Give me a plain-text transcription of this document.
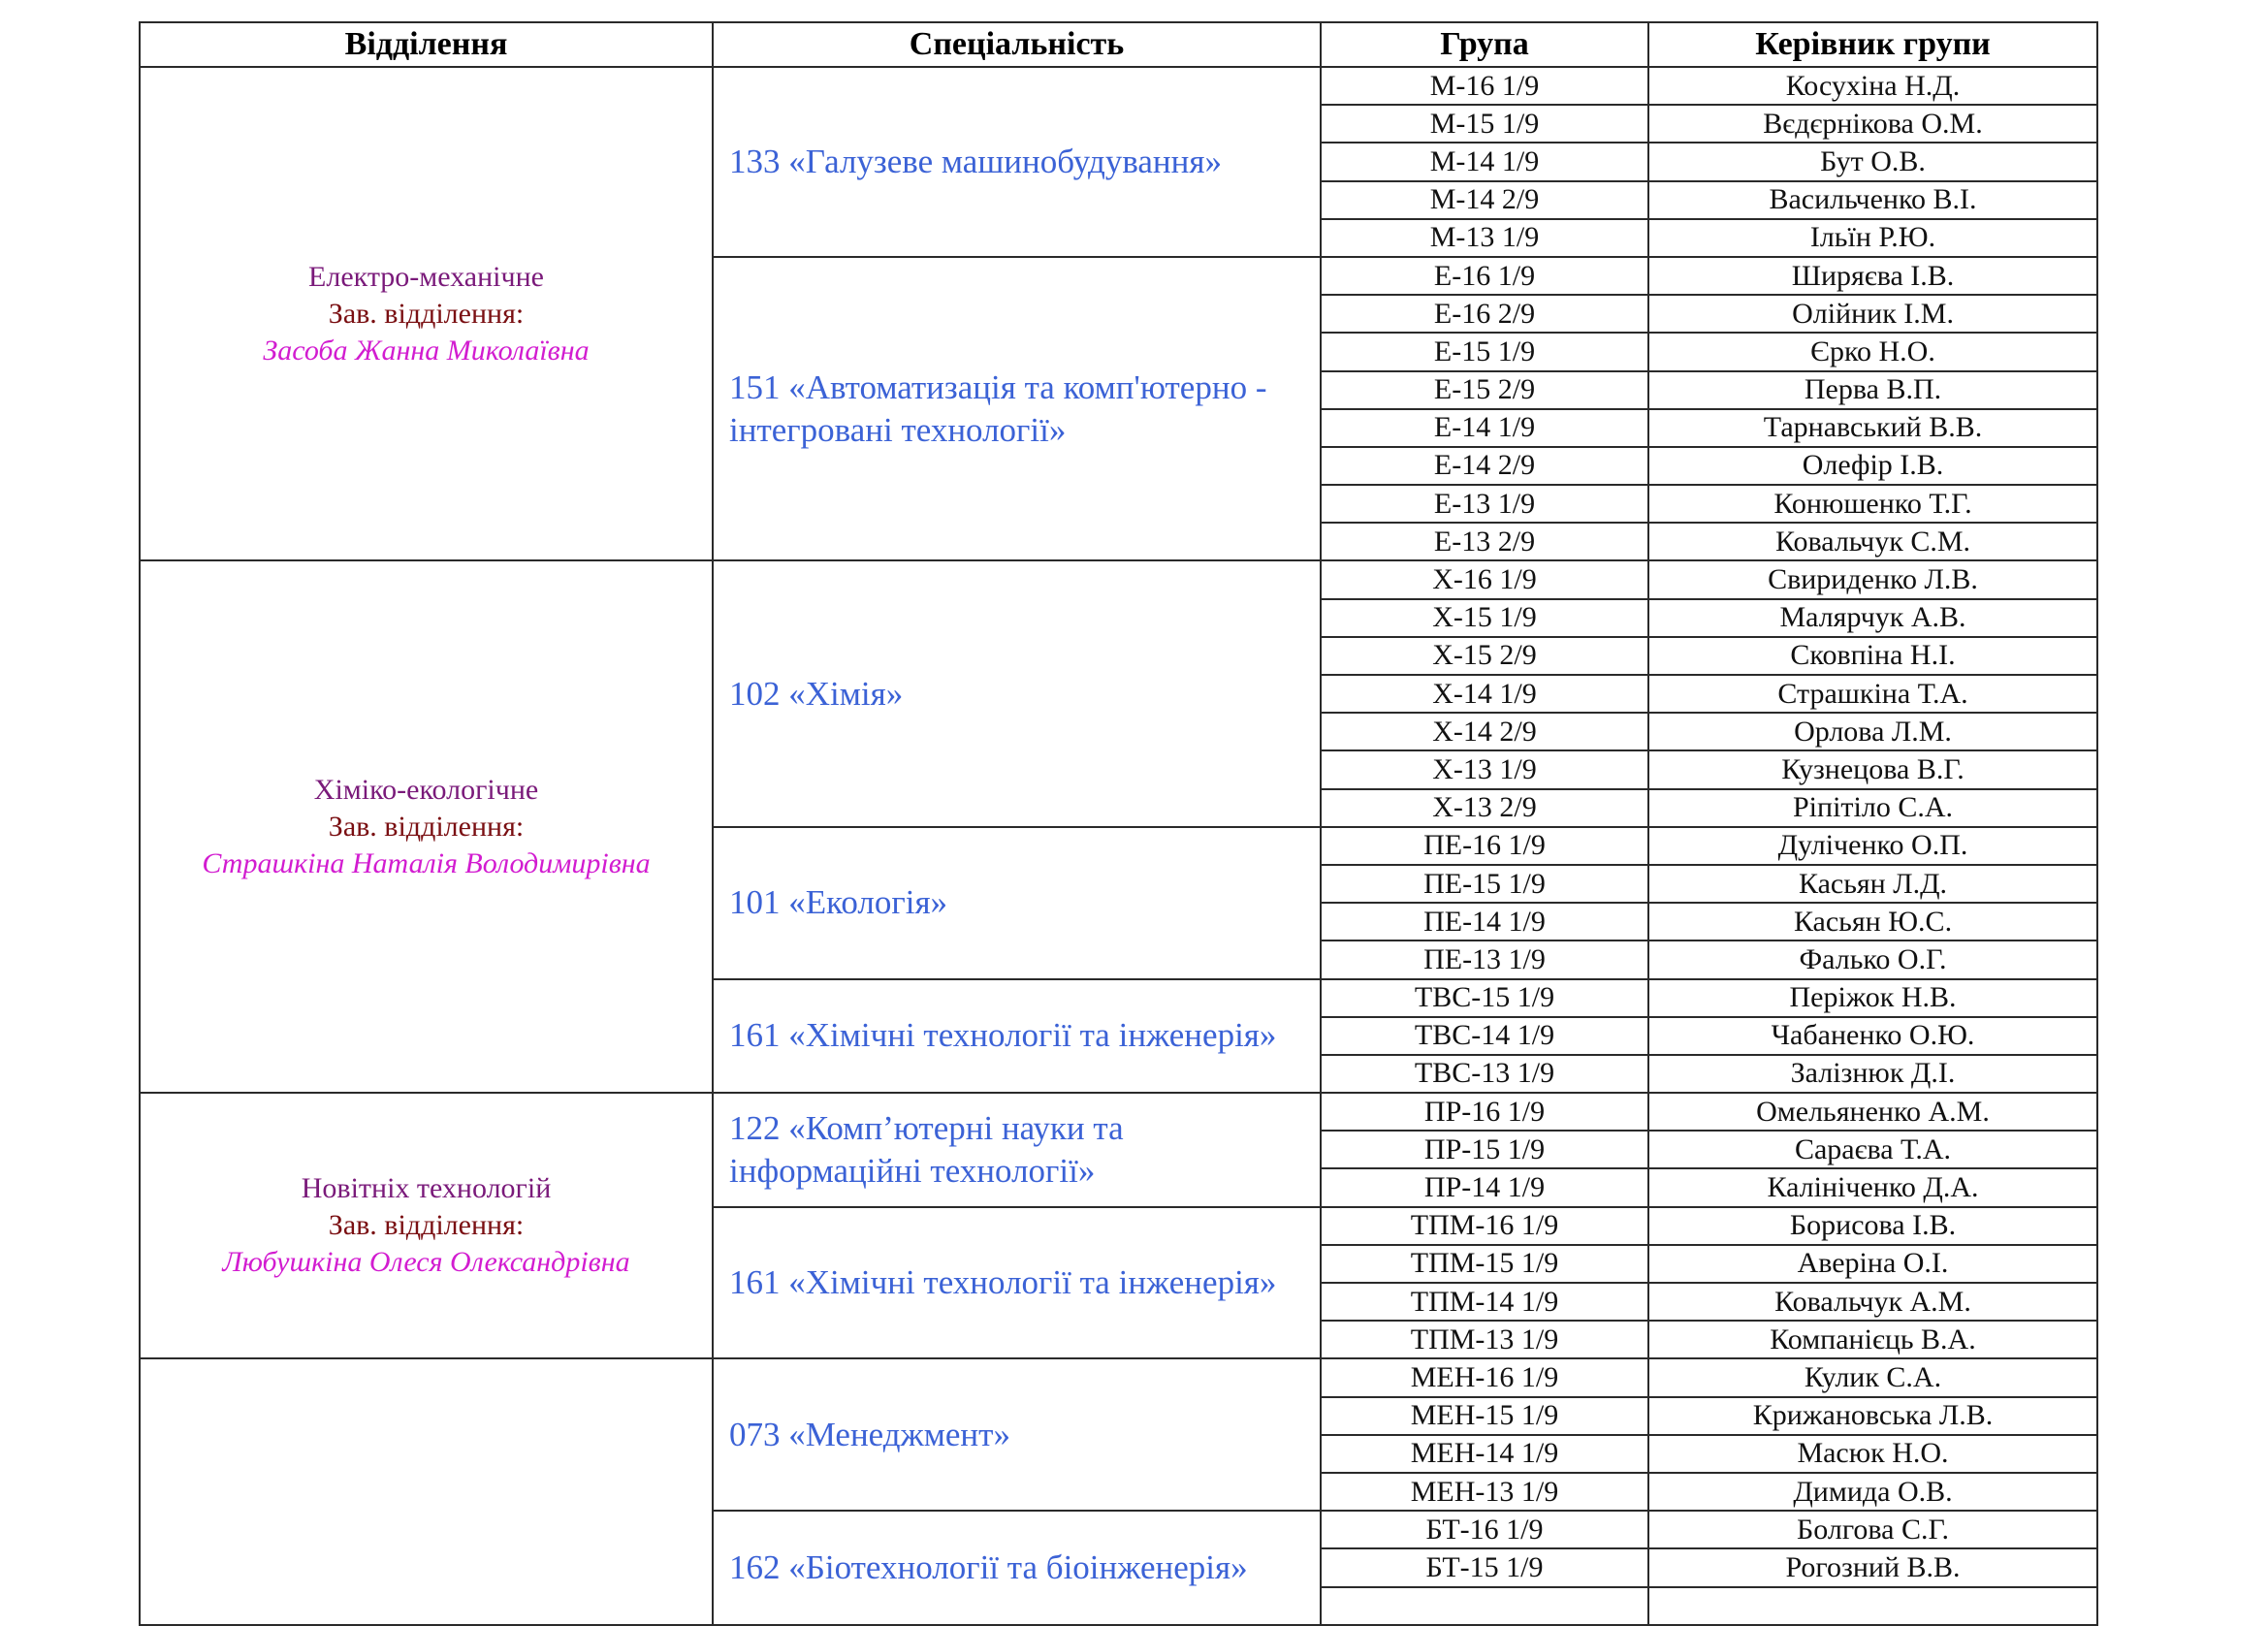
Відділення	Спеціальність	Група	Керівник групи

Електро-механічне
Зав. відділення:
Засоба Жанна Миколаївна	133 «Галузеве машинобудування»	М-16 1/9	Косухіна Н.Д.
		М-15 1/9	Вєдєрнікова О.М.
		М-14 1/9	Бут О.В.
		М-14 2/9	Васильченко В.І.
		М-13 1/9	Ільїн Р.Ю.
	151 «Автоматизація та комп'ютерно - інтегровані технології»	Е-16 1/9	Ширяєва І.В.
		Е-16 2/9	Олійник І.М.
		Е-15 1/9	Єрко Н.О.
		Е-15 2/9	Перва В.П.
		Е-14 1/9	Тарнавський В.В.
		Е-14 2/9	Олефір І.В.
		Е-13 1/9	Конюшенко Т.Г.
		Е-13 2/9	Ковальчук С.М.

Хіміко-екологічне
Зав. відділення:
Страшкіна Наталія Володимирівна	102 «Хімія»	Х-16 1/9	Свириденко Л.В.
		Х-15 1/9	Малярчук А.В.
		Х-15 2/9	Сковпіна Н.І.
		Х-14 1/9	Страшкіна Т.А.
		Х-14 2/9	Орлова Л.М.
		Х-13 1/9	Кузнецова В.Г.
		Х-13 2/9	Ріпітіло С.А.
	101 «Екологія»	ПЕ-16 1/9	Дуліченко О.П.
		ПЕ-15 1/9	Касьян Л.Д.
		ПЕ-14 1/9	Касьян Ю.С.
		ПЕ-13 1/9	Фалько О.Г.
	161 «Хімічні технології та інженерія»	ТВС-15 1/9	Періжок Н.В.
		ТВС-14 1/9	Чабаненко О.Ю.
		ТВС-13 1/9	Залізнюк Д.І.

Новітніх технологій
Зав. відділення:
Любушкіна Олеся Олександрівна	122 «Комп’ютерні науки та інформаційні технології»	ПР-16 1/9	Омельяненко А.М.
		ПР-15 1/9	Сараєва Т.А.
		ПР-14 1/9	Калініченко Д.А.
	161 «Хімічні технології та інженерія»	ТПМ-16 1/9	Борисова І.В.
		ТПМ-15 1/9	Аверіна О.І.
		ТПМ-14 1/9	Ковальчук А.М.
		ТПМ-13 1/9	Компанієць В.А.

	073 «Менеджмент»	МЕН-16 1/9	Кулик С.А.
		МЕН-15 1/9	Крижановська Л.В.
		МЕН-14 1/9	Масюк Н.О.
		МЕН-13 1/9	Димида О.В.
	162 «Біотехнології та біоінженерія»	БТ-16 1/9	Болгова С.Г.
		БТ-15 1/9	Рогозний В.В.
